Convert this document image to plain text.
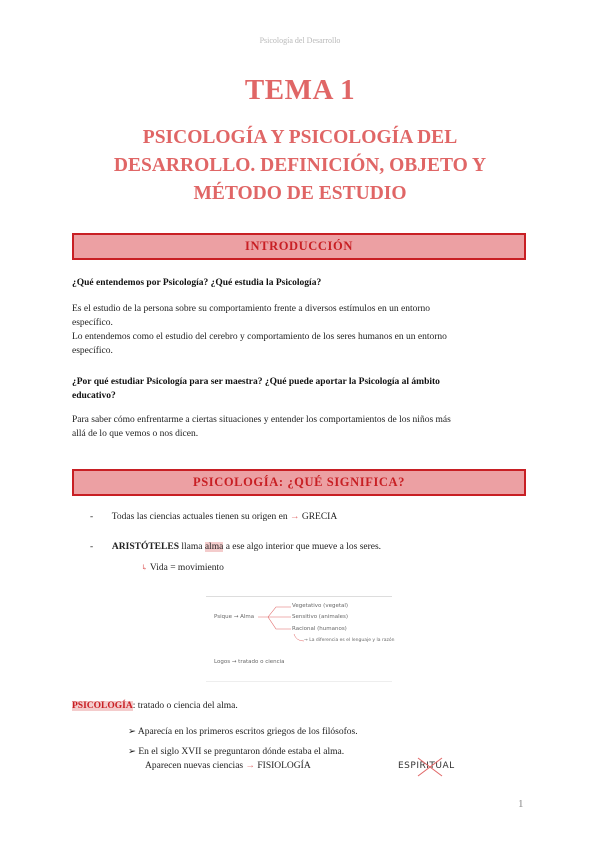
Psicología del Desarrollo
TEMA 1
PSICOLOGÍA Y PSICOLOGÍA DEL
DESARROLLO. DEFINICIÓN, OBJETO Y
MÉTODO DE ESTUDIO
INTRODUCCIÓN
¿Qué entendemos por Psicología? ¿Qué estudia la Psicología?
Es el estudio de la persona sobre su comportamiento frente a diversos estímulos en un entorno
específico.
Lo entendemos como el estudio del cerebro y comportamiento de los seres humanos en un entorno
específico.
¿Por qué estudiar Psicología para ser maestra? ¿Qué puede aportar la Psicología al ámbito
educativo?
Para saber cómo enfrentarme a ciertas situaciones y entender los comportamientos de los niños más
allá de lo que vemos o nos dicen.
PSICOLOGÍA: ¿QUÉ SIGNIFICA?
- Todas las ciencias actuales tienen su origen en → GRECIA
- ARISTÓTELES llama alma a ese algo interior que mueve a los seres.
↳ Vida = movimiento
Psique → Alma
Vegetativo (vegetal)
Sensitivo (animales)
Racional (humanos)
→ La diferencia es el lenguaje y la razón
Logos → tratado o ciencia
PSICOLOGÍA: tratado o ciencia del alma.
➢ Aparecía en los primeros escritos griegos de los filósofos.
➢ En el siglo XVII se preguntaron dónde estaba el alma.
Aparecen nuevas ciencias → FISIOLOGÍA	ESPIRITUAL
1
